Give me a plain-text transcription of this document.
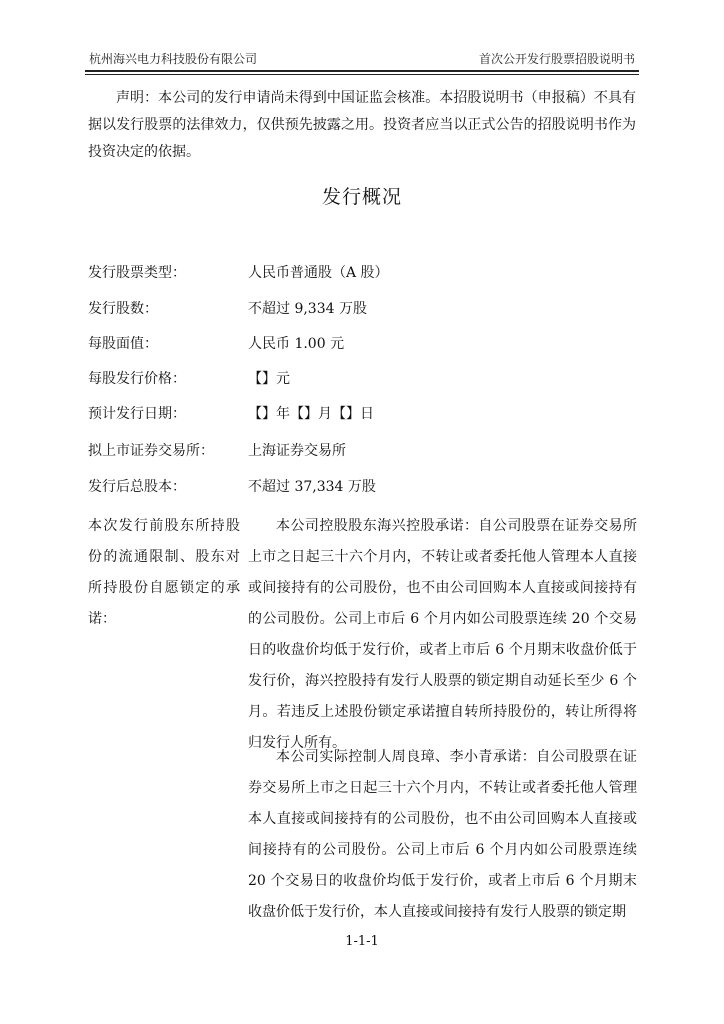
杭州海兴电力科技股份有限公司	首次公开发行股票招股说明书
声明：本公司的发行申请尚未得到中国证监会核准。本招股说明书（申报稿）不具有据以发行股票的法律效力，仅供预先披露之用。投资者应当以正式公告的招股说明书作为投资决定的依据。
发行概况
发行股票类型：	人民币普通股（A 股）
发行股数：	不超过 9,334 万股
每股面值：	人民币 1.00 元
每股发行价格：	【】元
预计发行日期：	【】年【】月【】日
拟上市证券交易所：	上海证券交易所
发行后总股本：	不超过 37,334 万股
本次发行前股东所持股份的流通限制、股东对所持股份自愿锁定的承诺：
本公司控股股东海兴控股承诺：自公司股票在证券交易所上市之日起三十六个月内，不转让或者委托他人管理本人直接或间接持有的公司股份，也不由公司回购本人直接或间接持有的公司股份。公司上市后 6 个月内如公司股票连续 20 个交易日的收盘价均低于发行价，或者上市后 6 个月期末收盘价低于发行价，海兴控股持有发行人股票的锁定期自动延长至少 6 个月。若违反上述股份锁定承诺擅自转所持股份的，转让所得将归发行人所有。
本公司实际控制人周良璋、李小青承诺：自公司股票在证券交易所上市之日起三十六个月内，不转让或者委托他人管理本人直接或间接持有的公司股份，也不由公司回购本人直接或间接持有的公司股份。公司上市后 6 个月内如公司股票连续 20 个交易日的收盘价均低于发行价，或者上市后 6 个月期末收盘价低于发行价，本人直接或间接持有发行人股票的锁定期
1-1-1
